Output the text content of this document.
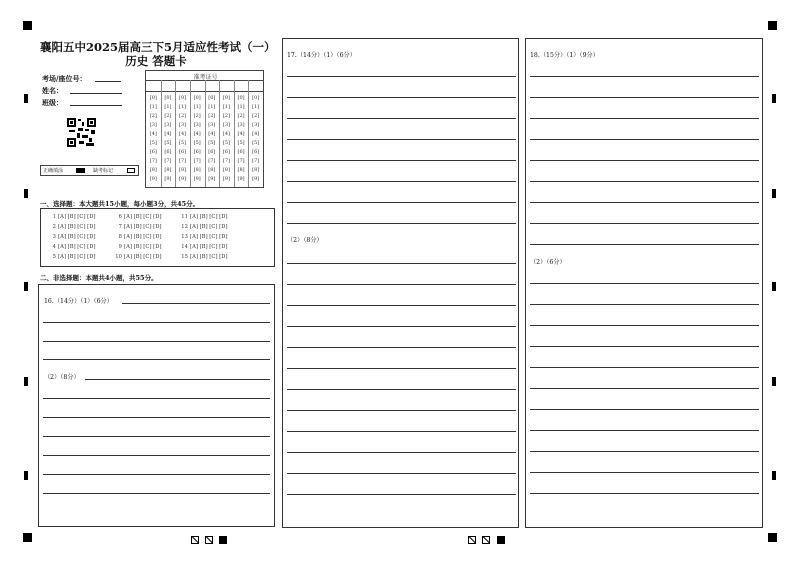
襄阳五中2025届高三下5月适应性考试（一）
历史 答题卡
考场/座位号：
姓名：
班级：
准考证号
[0]
[1]
[2]
[3]
[4]
[5]
[6]
[7]
[8]
[9]
[0]
[1]
[2]
[3]
[4]
[5]
[6]
[7]
[8]
[9]
[0]
[1]
[2]
[3]
[4]
[5]
[6]
[7]
[8]
[9]
[0]
[1]
[2]
[3]
[4]
[5]
[6]
[7]
[8]
[9]
[0]
[1]
[2]
[3]
[4]
[5]
[6]
[7]
[8]
[9]
[0]
[1]
[2]
[3]
[4]
[5]
[6]
[7]
[8]
[9]
[0]
[1]
[2]
[3]
[4]
[5]
[6]
[7]
[8]
[9]
[0]
[1]
[2]
[3]
[4]
[5]
[6]
[7]
[8]
[9]
正确填涂	缺考标记
一、选择题：本大题共15小题，每小题3分，共45分。
1 [A] [B] [C] [D]
2 [A] [B] [C] [D]
3 [A] [B] [C] [D]
4 [A] [B] [C] [D]
5 [A] [B] [C] [D]
6 [A] [B] [C] [D]
7 [A] [B] [C] [D]
8 [A] [B] [C] [D]
9 [A] [B] [C] [D]
10 [A] [B] [C] [D]
11 [A] [B] [C] [D]
12 [A] [B] [C] [D]
13 [A] [B] [C] [D]
14 [A] [B] [C] [D]
15 [A] [B] [C] [D]
二、非选择题：本题共4小题，共55分。
16.（14分）（1）（6分）
（2）（8分）
17.（14分）（1）（6分）
（2）（8分）
18.（15分）（1）（9分）
（2）（6分）
